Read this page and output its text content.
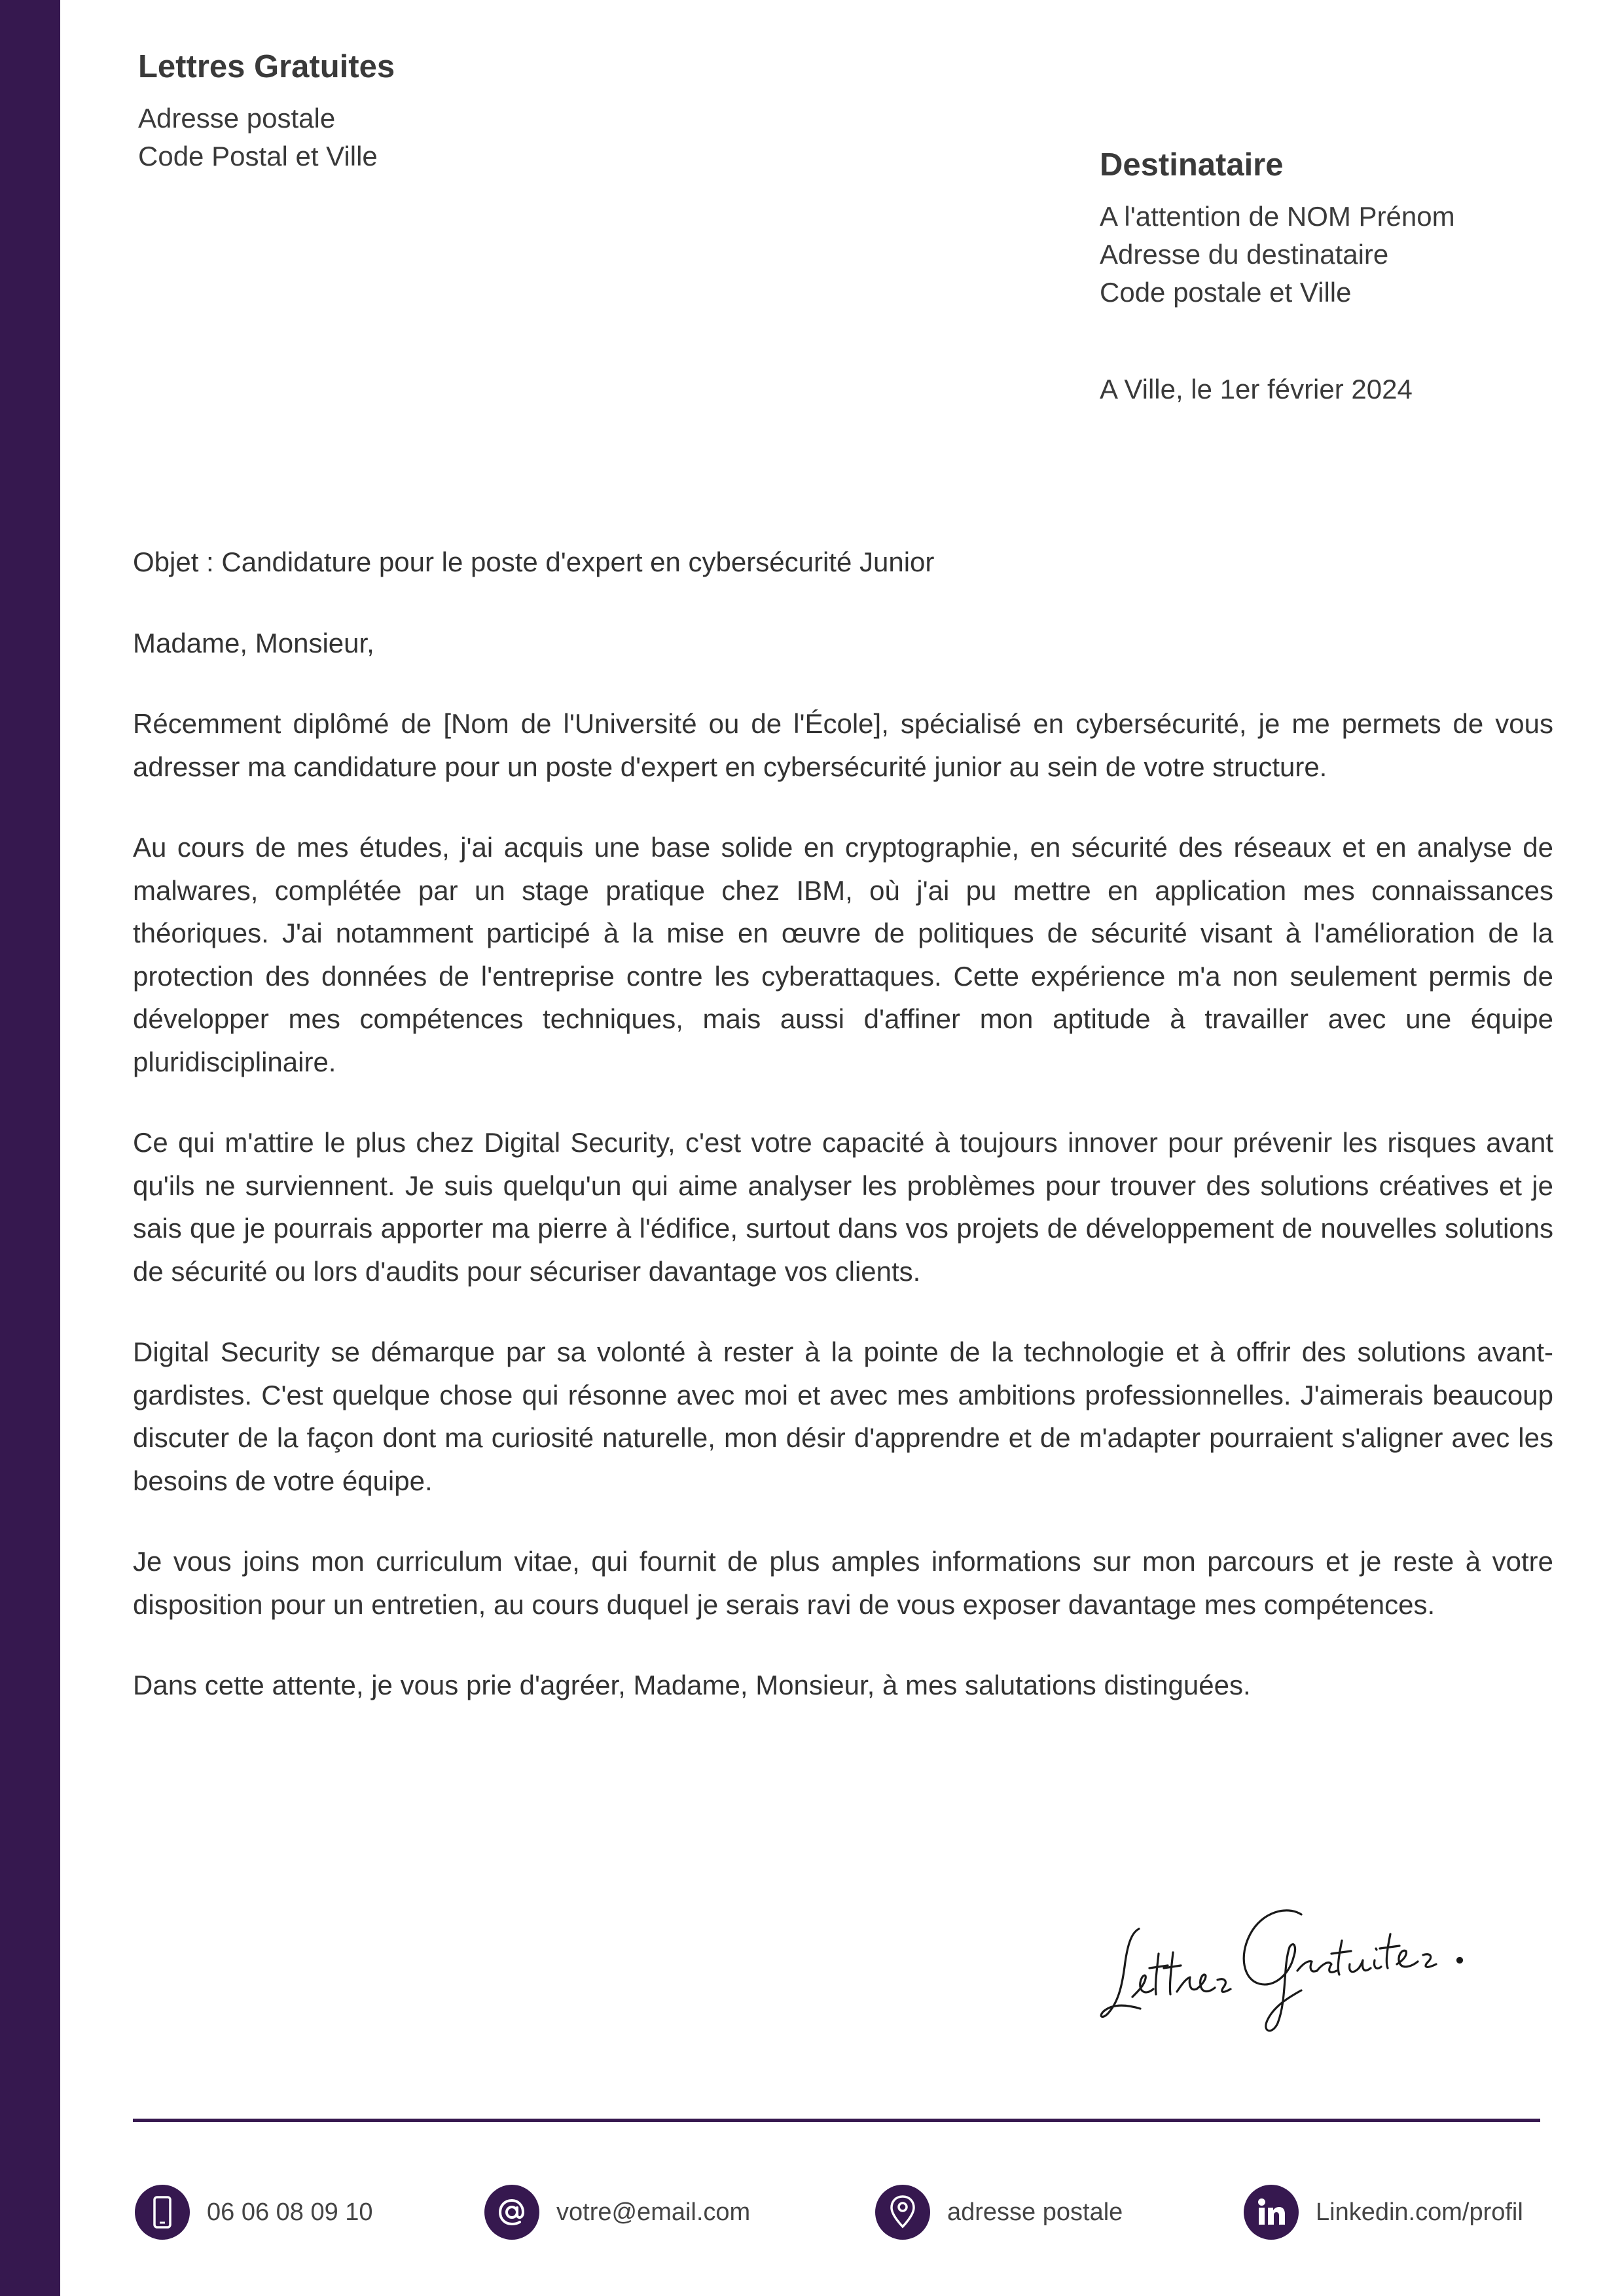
Lettres Gratuites
Adresse postale
Code Postal et Ville	Destinataire
A l'attention de NOM Prénom
Adresse du destinataire
Code postale et Ville
A Ville, le 1er février 2024

Objet : Candidature pour le poste d'expert en cybersécurité Junior

Madame, Monsieur,

Récemment diplômé de [Nom de l'Université ou de l'École], spécialisé en cybersécurité, je me permets de vous adresser ma candidature pour un poste d'expert en cybersécurité junior au sein de votre structure.

Au cours de mes études, j'ai acquis une base solide en cryptographie, en sécurité des réseaux et en analyse de malwares, complétée par un stage pratique chez IBM, où j'ai pu mettre en application mes connaissances théoriques. J'ai notamment participé à la mise en œuvre de politiques de sécurité visant à l'amélioration de la protection des données de l'entreprise contre les cyberattaques. Cette expérience m'a non seulement permis de développer mes compétences techniques, mais aussi d'affiner mon aptitude à travailler avec une équipe pluridisciplinaire.

Ce qui m'attire le plus chez Digital Security, c'est votre capacité à toujours innover pour prévenir les risques avant qu'ils ne surviennent. Je suis quelqu'un qui aime analyser les problèmes pour trouver des solutions créatives et je sais que je pourrais apporter ma pierre à l'édifice, surtout dans vos projets de développement de nouvelles solutions de sécurité ou lors d'audits pour sécuriser davantage vos clients.

Digital Security se démarque par sa volonté à rester à la pointe de la technologie et à offrir des solutions avant-gardistes. C'est quelque chose qui résonne avec moi et avec mes ambitions professionnelles. J'aimerais beaucoup discuter de la façon dont ma curiosité naturelle, mon désir d'apprendre et de m'adapter pourraient s'aligner avec les besoins de votre équipe.

Je vous joins mon curriculum vitae, qui fournit de plus amples informations sur mon parcours et je reste à votre disposition pour un entretien, au cours duquel je serais ravi de vous exposer davantage mes compétences.

Dans cette attente, je vous prie d'agréer, Madame, Monsieur, à mes salutations distinguées.

06 06 08 09 10	votre@email.com	adresse postale	Linkedin.com/profil
